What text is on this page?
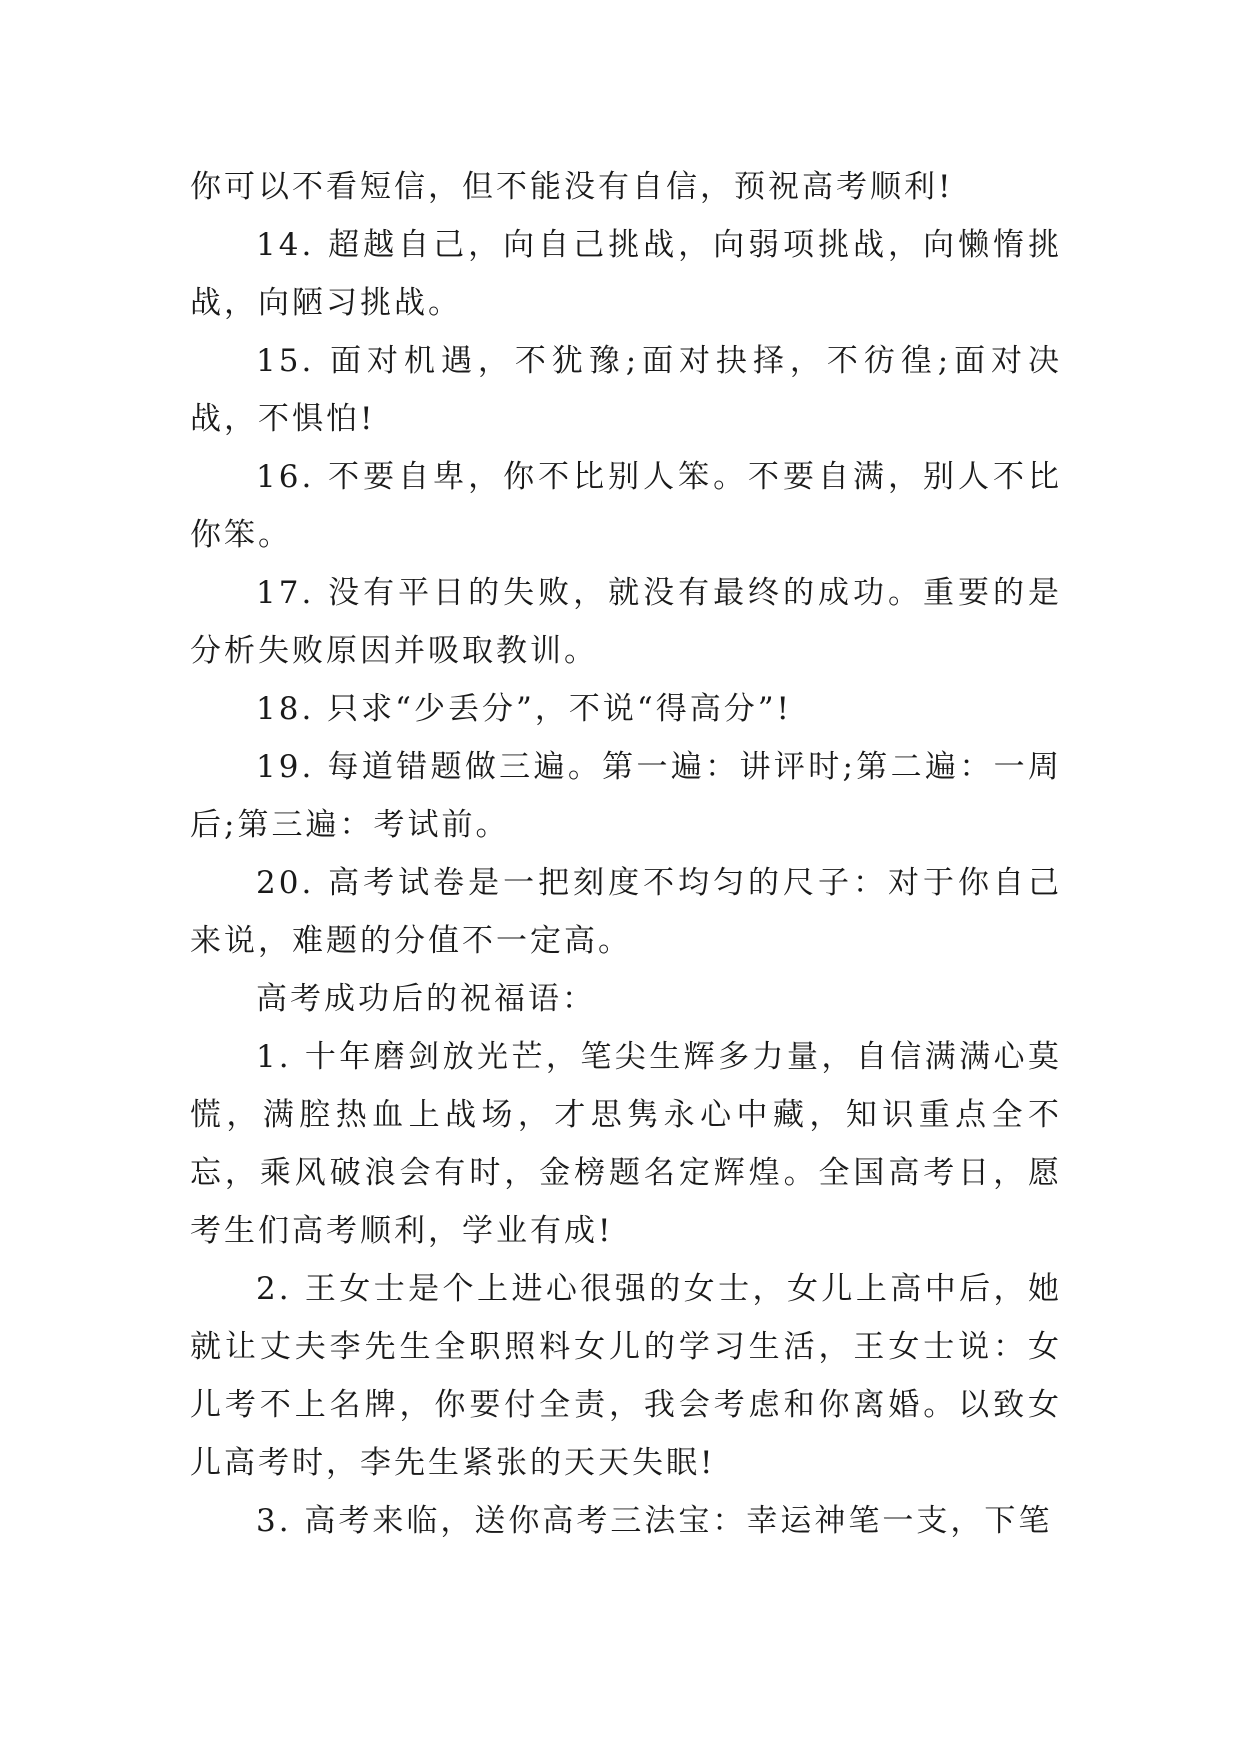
你可以不看短信，但不能没有自信，预祝高考顺利!

14. 超越自己，向自己挑战，向弱项挑战，向懒惰挑战，向陋习挑战。

15. 面对机遇，不犹豫;面对抉择，不彷徨;面对决战，不惧怕!

16. 不要自卑，你不比别人笨。不要自满，别人不比你笨。

17. 没有平日的失败，就没有最终的成功。重要的是分析失败原因并吸取教训。

18. 只求“少丢分”，不说“得高分”!

19. 每道错题做三遍。第一遍：讲评时;第二遍：一周后;第三遍：考试前。

20. 高考试卷是一把刻度不均匀的尺子：对于你自己来说，难题的分值不一定高。

高考成功后的祝福语：

1. 十年磨剑放光芒，笔尖生辉多力量，自信满满心莫慌，满腔热血上战场，才思隽永心中藏，知识重点全不忘，乘风破浪会有时，金榜题名定辉煌。全国高考日，愿考生们高考顺利，学业有成!

2. 王女士是个上进心很强的女士，女儿上高中后，她就让丈夫李先生全职照料女儿的学习生活，王女士说：女儿考不上名牌，你要付全责，我会考虑和你离婚。以致女儿高考时，李先生紧张的天天失眠!

3. 高考来临，送你高考三法宝：幸运神笔一支，下笔
